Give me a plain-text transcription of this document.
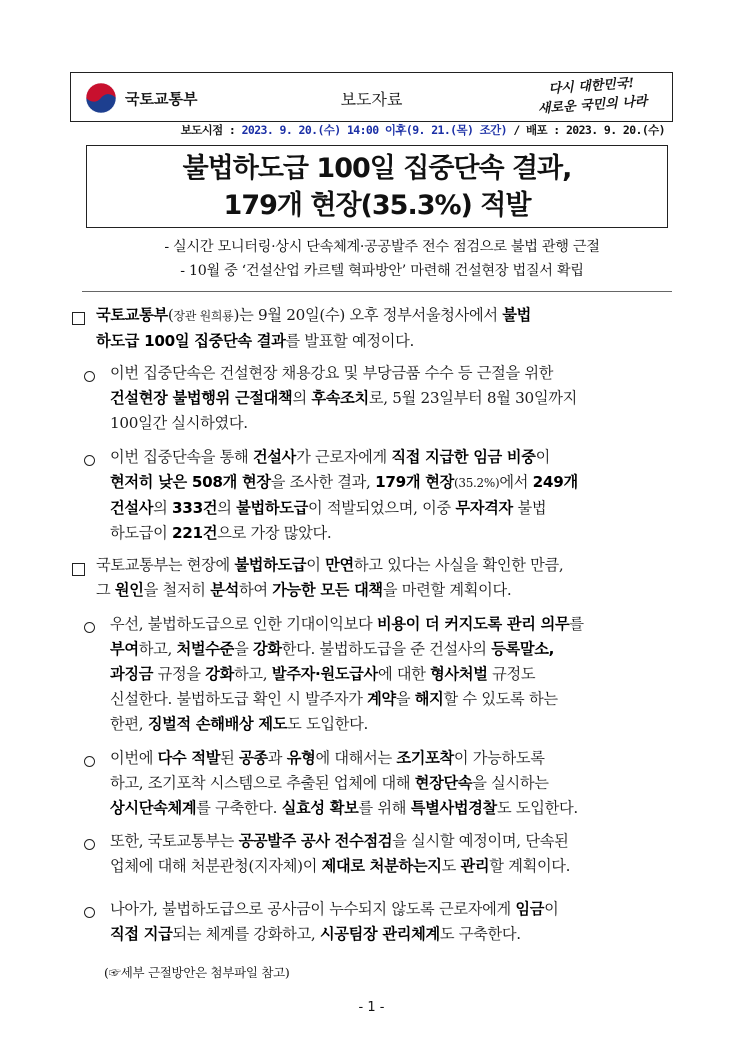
국토교통부	보도자료
다시 대한민국!
새로운 국민의 나라
보도시점 : 2023. 9. 20.(수) 14:00 이후(9. 21.(목) 조간) / 배포 : 2023. 9. 20.(수)
불법하도급 100일 집중단속 결과,
179개 현장(35.3%) 적발
- 실시간 모니터링·상시 단속체계·공공발주 전수 점검으로 불법 관행 근절
- 10월 중 ‘건설산업 카르텔 혁파방안’ 마련해 건설현장 법질서 확립
국토교통부(장관 원희룡)는 9월 20일(수) 오후 정부서울청사에서 불법
하도급 100일 집중단속 결과를 발표할 예정이다.
이번 집중단속은 건설현장 채용강요 및 부당금품 수수 등 근절을 위한
건설현장 불법행위 근절대책의 후속조치로, 5월 23일부터 8월 30일까지
100일간 실시하였다.
이번 집중단속을 통해 건설사가 근로자에게 직접 지급한 임금 비중이
현저히 낮은 508개 현장을 조사한 결과, 179개 현장(35.2%)에서 249개
건설사의 333건의 불법하도급이 적발되었으며, 이중 무자격자 불법
하도급이 221건으로 가장 많았다.
국토교통부는 현장에 불법하도급이 만연하고 있다는 사실을 확인한 만큼,
그 원인을 철저히 분석하여 가능한 모든 대책을 마련할 계획이다.
우선, 불법하도급으로 인한 기대이익보다 비용이 더 커지도록 관리 의무를
부여하고, 처벌수준을 강화한다. 불법하도급을 준 건설사의 등록말소,
과징금 규정을 강화하고, 발주자·원도급사에 대한 형사처벌 규정도
신설한다. 불법하도급 확인 시 발주자가 계약을 해지할 수 있도록 하는
한편, 징벌적 손해배상 제도도 도입한다.
이번에 다수 적발된 공종과 유형에 대해서는 조기포착이 가능하도록
하고, 조기포착 시스템으로 추출된 업체에 대해 현장단속을 실시하는
상시단속체계를 구축한다. 실효성 확보를 위해 특별사법경찰도 도입한다.
또한, 국토교통부는 공공발주 공사 전수점검을 실시할 예정이며, 단속된
업체에 대해 처분관청(지자체)이 제대로 처분하는지도 관리할 계획이다.
나아가, 불법하도급으로 공사금이 누수되지 않도록 근로자에게 임금이
직접 지급되는 체계를 강화하고, 시공팀장 관리체계도 구축한다.
(☞세부 근절방안은 첨부파일 참고)
- 1 -
